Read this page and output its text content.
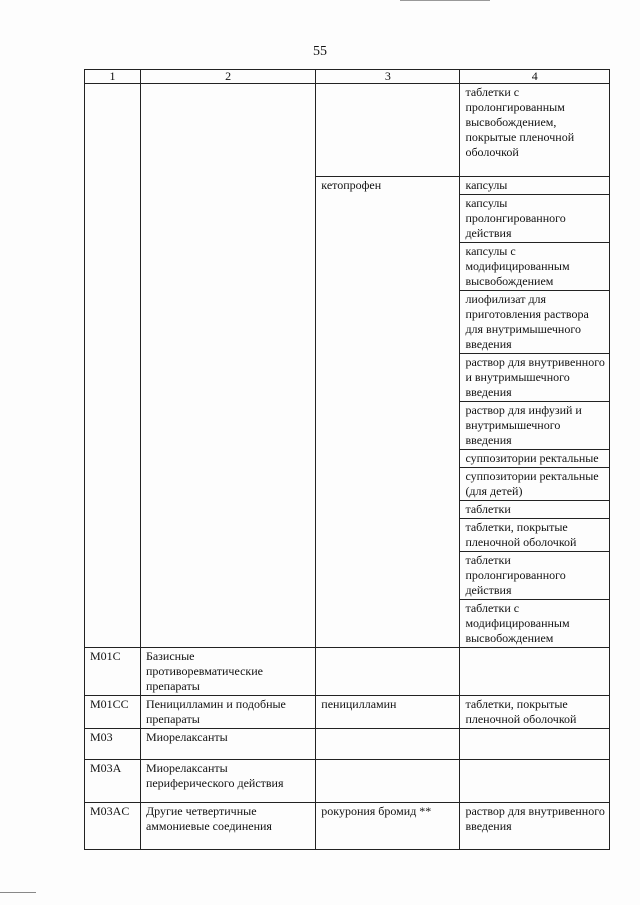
55
1	2	3	4
			таблетки с пролонгированным высвобождением, покрытые пленочной оболочкой
		кетопрофен	капсулы
			капсулы пролонгированного действия
			капсулы с модифицированным высвобождением
			лиофилизат для приготовления раствора для внутримышечного введения
			раствор для внутривенного и внутримышечного введения
			раствор для инфузий и внутримышечного введения
			суппозитории ректальные
			суппозитории ректальные (для детей)
			таблетки
			таблетки, покрытые пленочной оболочкой
			таблетки пролонгированного действия
			таблетки с модифицированным высвобождением

M01C	Базисные противоревматические препараты		
M01CC	Пеницилламин и подобные препараты	пеницилламин	таблетки, покрытые пленочной оболочкой
M03	Миорелаксанты		
M03A	Миорелаксанты периферического действия		
M03AC	Другие четвертичные аммониевые соединения	рокурония бромид **	раствор для внутривенного введения
